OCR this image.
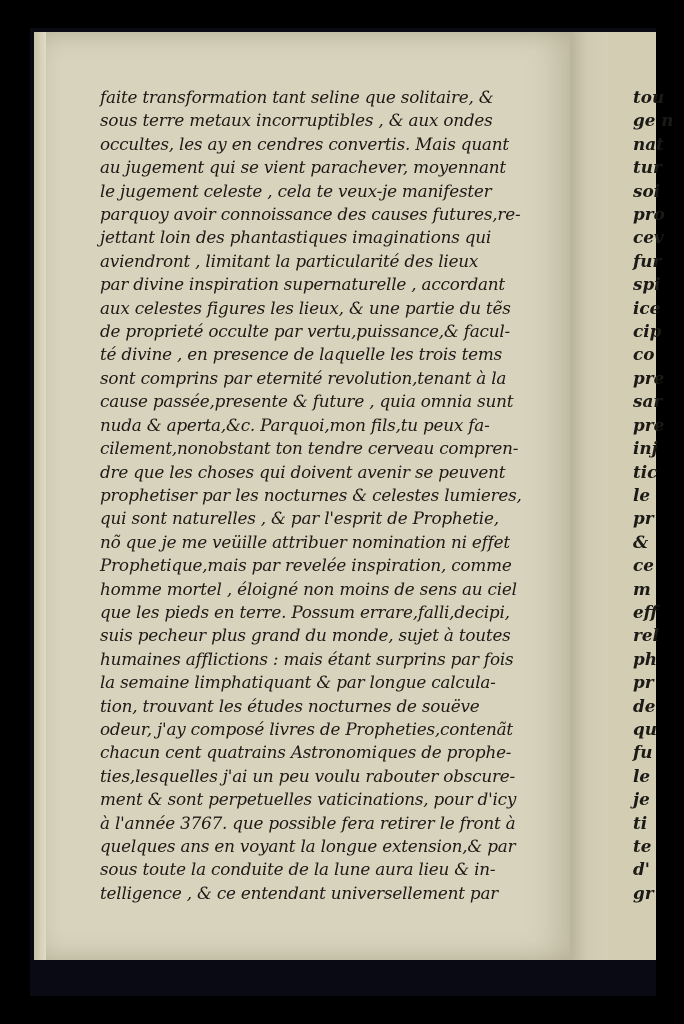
faite transformation tant seline que solitaire, &
sous terre metaux incorruptibles , & aux ondes
occultes, les ay en cendres convertis. Mais quant
au jugement qui se vient parachever, moyennant
le jugement celeste , cela te veux-je manifester
parquoy avoir connoissance des causes futures,re-
jettant loin des phantastiques imaginations qui
aviendront , limitant la particularité des lieux
par divine inspiration supernaturelle , accordant
aux celestes figures les lieux, & une partie du tẽs
de proprieté occulte par vertu,puissance,& facul-
té divine , en presence de laquelle les trois tems
sont comprins par eternité revolution,tenant à la
cause passée,presente & future , quia omnia sunt
nuda & aperta,&c. Parquoi,mon fils,tu peux fa-
cilement,nonobstant ton tendre cerveau compren-
dre que les choses qui doivent avenir se peuvent
prophetiser par les nocturnes & celestes lumieres,
qui sont naturelles , & par l'esprit de Prophetie,
nõ que je me veüille attribuer nomination ni effet
Prophetique,mais par revelée inspiration, comme
homme mortel , éloigné non moins de sens au ciel
que les pieds en terre. Possum errare,falli,decipi,
suis pecheur plus grand du monde, sujet à toutes
humaines afflictions : mais étant surprins par fois
la semaine limphatiquant & par longue calcula-
tion, trouvant les études nocturnes de souëve
odeur, j'ay composé livres de Propheties,contenãt
chacun cent quatrains Astronomiques de prophe-
ties,lesquelles j'ai un peu voulu rabouter obscure-
ment & sont perpetuelles vaticinations, pour d'icy
à l'année 3767. que possible fera retirer le front à
quelques ans en voyant la longue extension,& par
sous toute la conduite de la lune aura lieu & in-
telligence , & ce entendant universellement par
tou
ge n
nat
tur
soi
pro
cev
fur
spi
ice
cip
co
pre
sar
pre
inj
tic
le
pr
&
ce
m
eff
rel
ph
pr
de
qu
fu
le
je
ti
te
d'
gr
